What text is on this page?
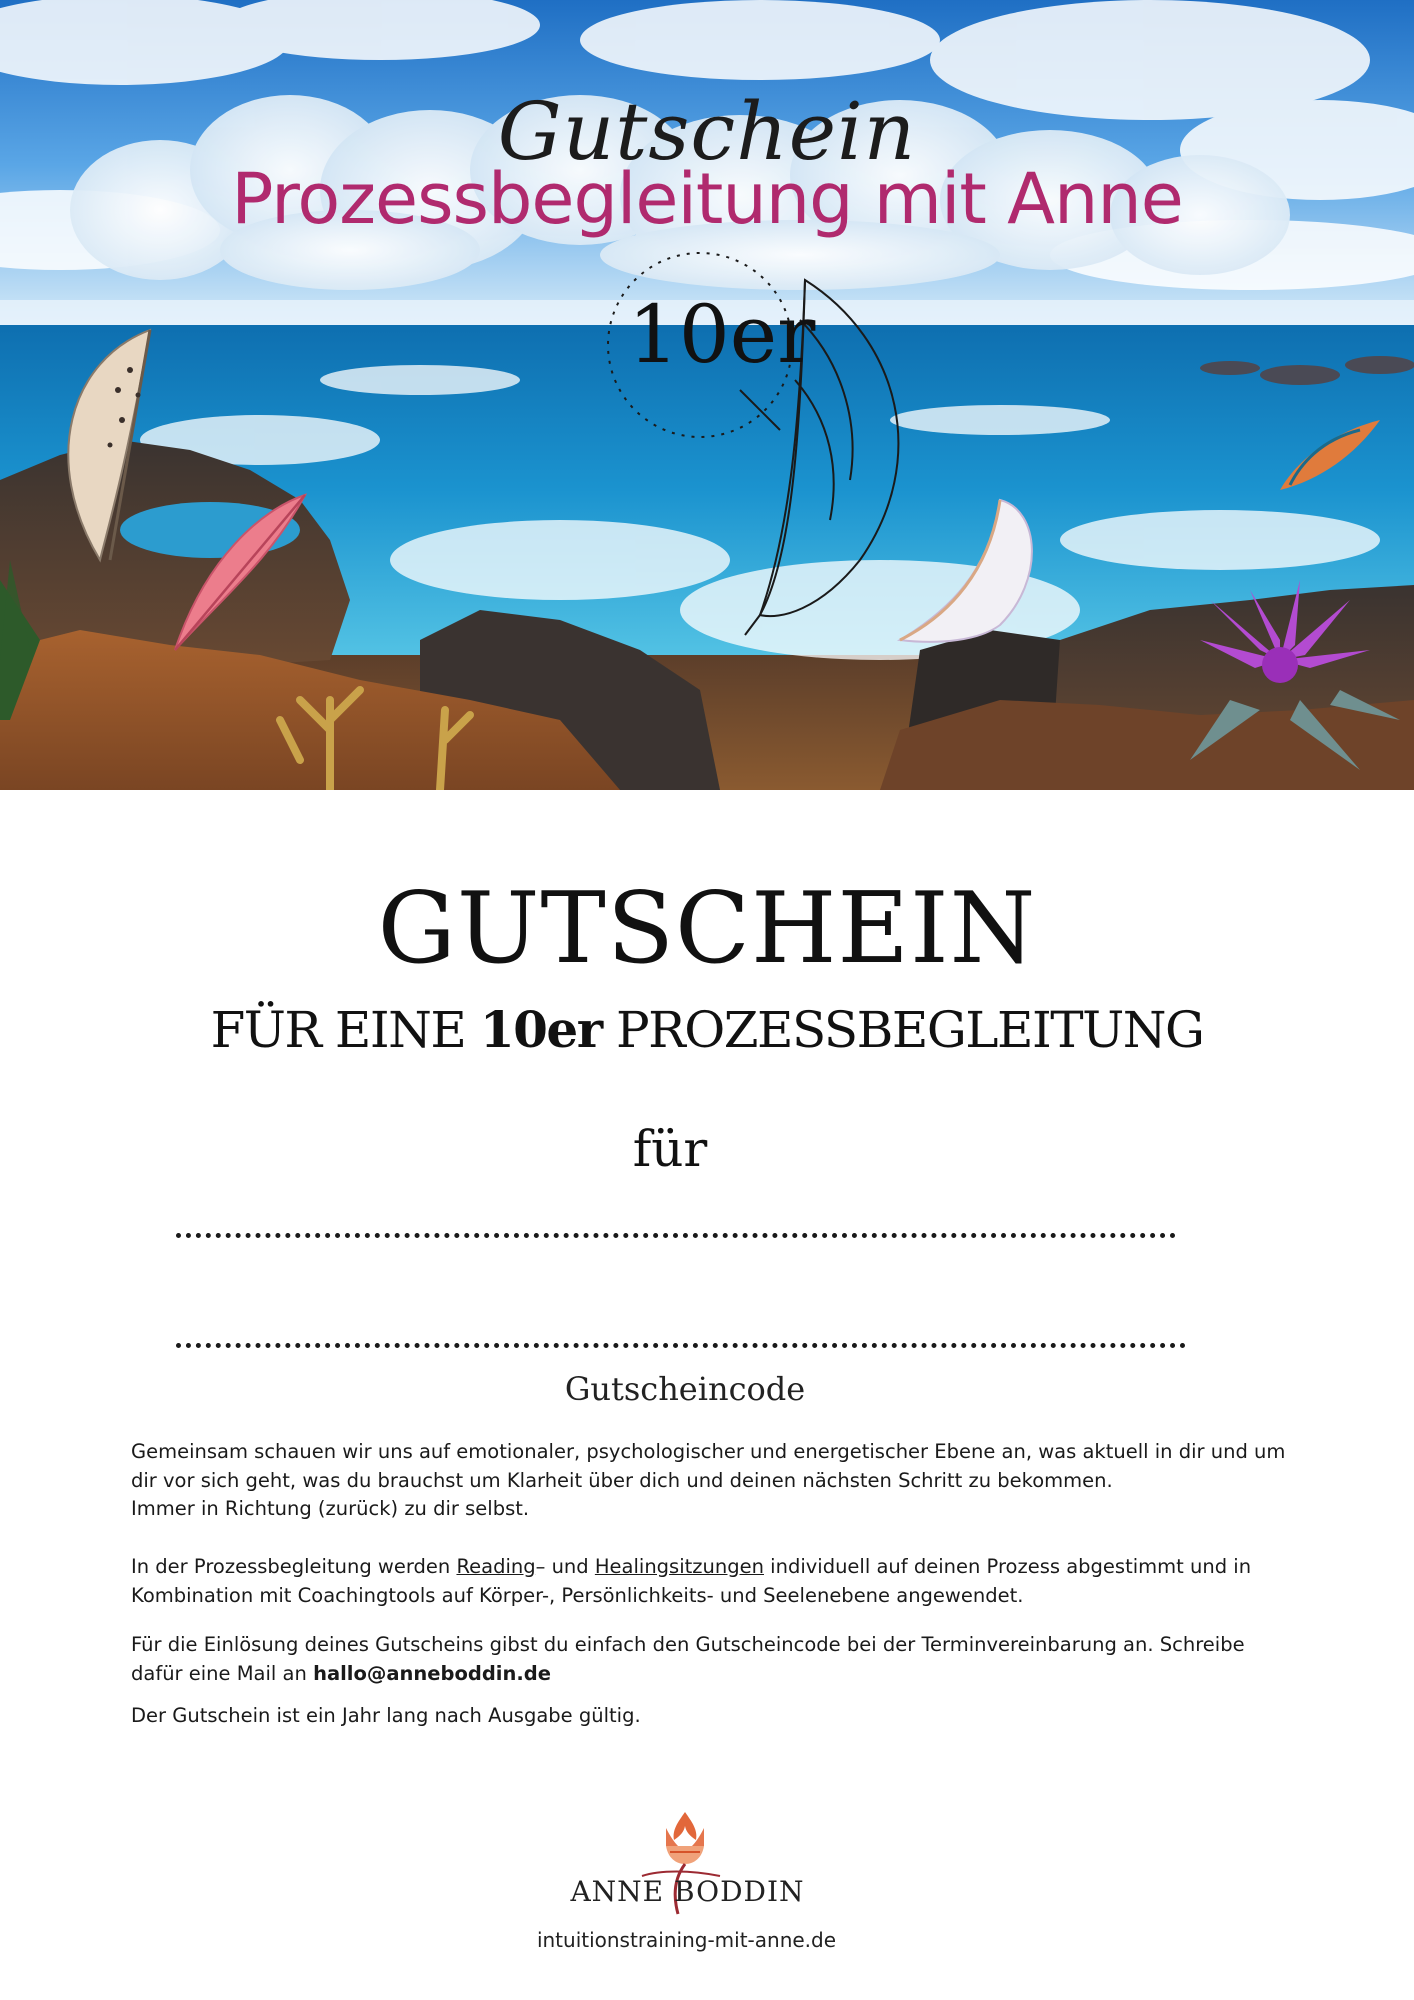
Gutschein
Prozessbegleitung mit Anne
10er
GUTSCHEIN
FÜR EINE 10er PROZESSBEGLEITUNG
für
Gutscheincode

Gemeinsam schauen wir uns auf emotionaler, psychologischer und energetischer Ebene an, was aktuell in dir und um dir vor sich geht, was du brauchst um Klarheit über dich und deinen nächsten Schritt zu bekommen.
Immer in Richtung (zurück) zu dir selbst.

In der Prozessbegleitung werden Reading– und Healingsitzungen individuell auf deinen Prozess abgestimmt und in Kombination mit Coachingtools auf Körper-, Persönlichkeits- und Seelenebene angewendet.

Für die Einlösung deines Gutscheins gibst du einfach den Gutscheincode bei der Terminvereinbarung an. Schreibe dafür eine Mail an hallo@anneboddin.de

Der Gutschein ist ein Jahr lang nach Ausgabe gültig.

ANNE BODDIN
intuitionstraining-mit-anne.de
